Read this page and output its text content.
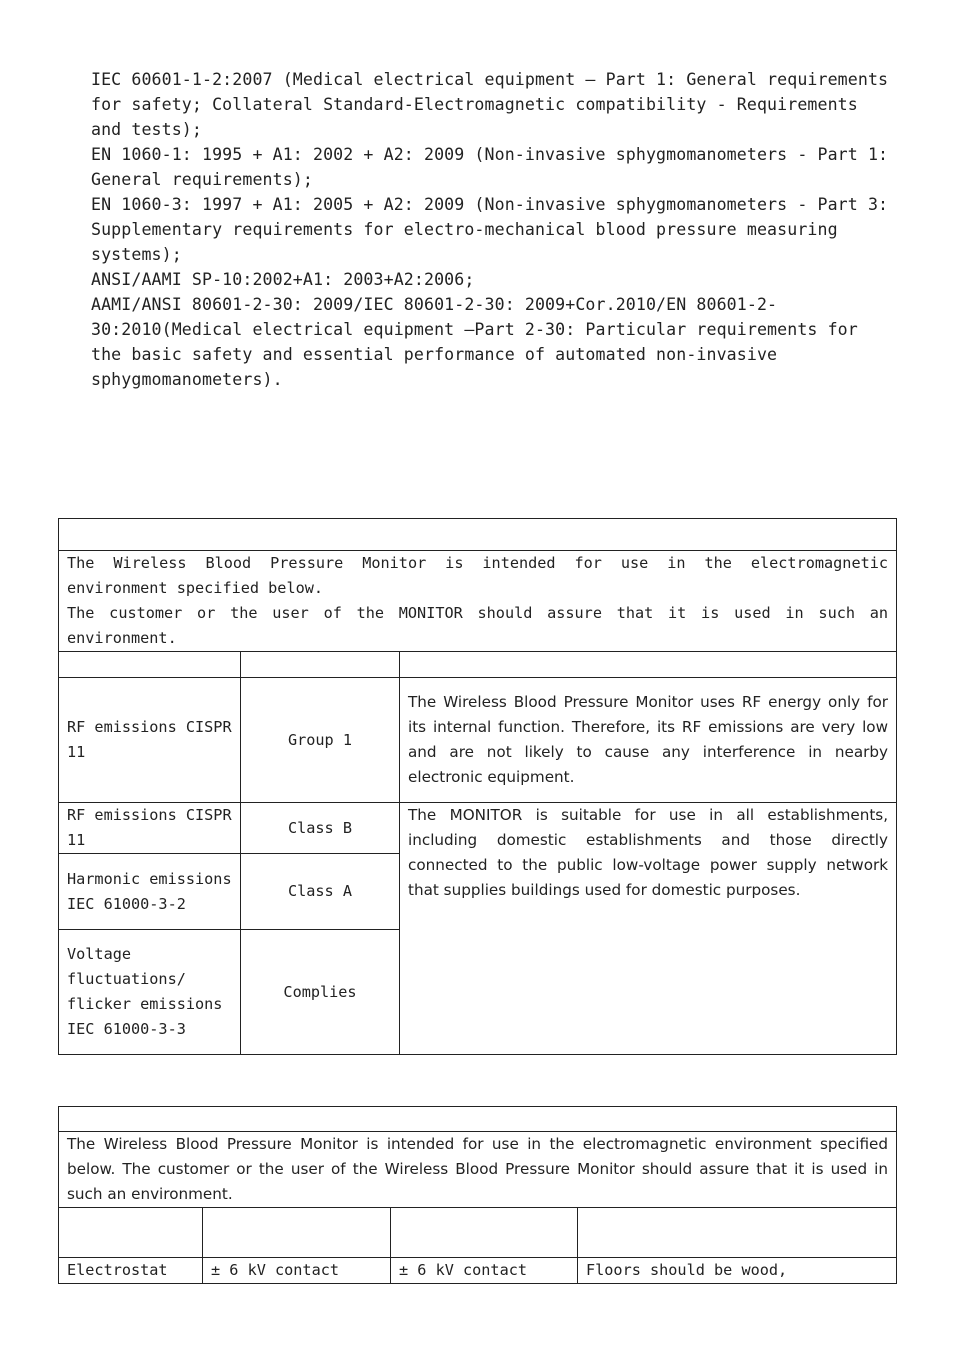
IEC 60601-1-2:2007 (Medical electrical equipment – Part 1: General requirements for safety; Collateral Standard-Electromagnetic compatibility - Requirements and tests);

EN 1060-1: 1995 + A1: 2002 + A2: 2009 (Non-invasive sphygmomanometers - Part 1: General requirements);

EN 1060-3: 1997 + A1: 2005 + A2: 2009 (Non-invasive sphygmomanometers - Part 3: Supplementary requirements for electro-mechanical blood pressure measuring systems);

ANSI/AAMI SP-10:2002+A1: 2003+A2:2006;

AAMI/ANSI 80601-2-30: 2009/IEC 80601-2-30: 2009+Cor.2010/EN 80601-2-30:2010(Medical electrical equipment –Part 2-30: Particular requirements for the basic safety and essential performance of automated non-invasive sphygmomanometers).

The Wireless Blood Pressure Monitor is intended for use in the electromagnetic environment specified below.
The customer or the user of the MONITOR should assure that it is used in such an environment.		

RF emissions CISPR 11	Group 1	The Wireless Blood Pressure Monitor uses RF energy only for its internal function. Therefore, its RF emissions are very low and are not likely to cause any interference in nearby electronic equipment.
RF emissions CISPR 11	Class B	The MONITOR is suitable for use in all establishments, including domestic establishments and those directly connected to the public low-voltage power supply network that supplies buildings used for domestic purposes.
Harmonic emissions IEC 61000-3-2	Class A	
Voltage fluctuations/ flicker emissions IEC 61000-3-3	Complies	

The Wireless Blood Pressure Monitor is intended for use in the electromagnetic environment specified below. The customer or the user of the Wireless Blood Pressure Monitor should assure that it is used in such an environment.			

Electrostat	± 6 kV contact	± 6 kV contact	Floors should be wood,
